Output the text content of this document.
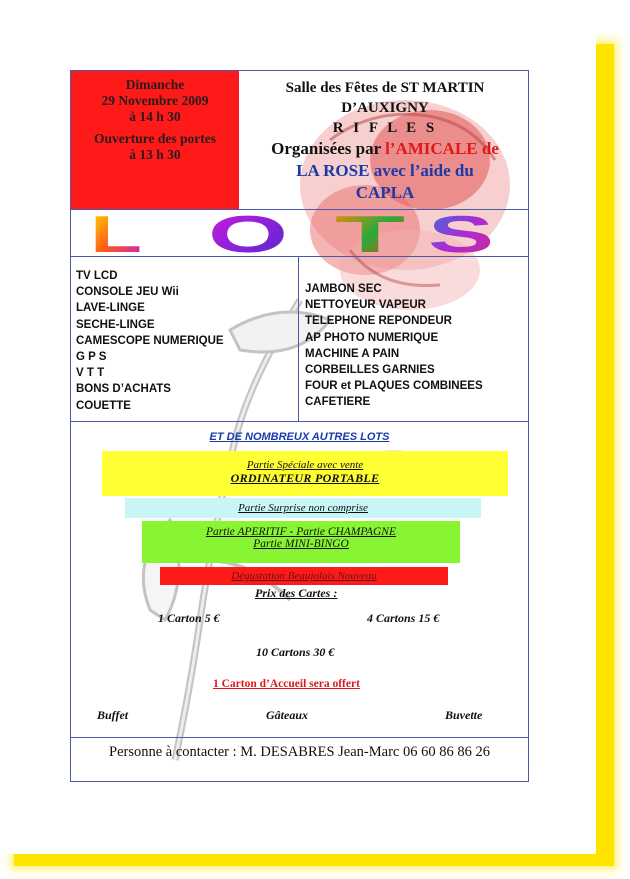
Dimanche
29 Novembre 2009
à 14 h 30
Ouverture des portes
à 13 h 30
Salle des Fêtes de ST MARTIN
D’AUXIGNY
R I F L E S
Organisées par l’AMICALE de
LA ROSE avec l’aide du
CAPLA
L O T S
TV LCD
CONSOLE JEU Wii
LAVE-LINGE
SECHE-LINGE
CAMESCOPE NUMERIQUE
G P S
V T T
BONS D’ACHATS
COUETTE
JAMBON SEC
NETTOYEUR VAPEUR
TELEPHONE REPONDEUR
AP PHOTO NUMERIQUE
MACHINE A PAIN
CORBEILLES GARNIES
FOUR et PLAQUES COMBINEES
CAFETIERE
ET DE NOMBREUX AUTRES LOTS
Partie Spéciale avec vente
ORDINATEUR PORTABLE
Partie Surprise non comprise
Partie APERITIF - Partie CHAMPAGNE
Partie MINI-BINGO
Dégustation Beaujolais Nouveau
Prix des Cartes :
1 Carton 5 €	4 Cartons 15 €
10 Cartons 30 €
1 Carton d’Accueil sera offert
Buffet	Gâteaux	Buvette
Personne à contacter : M. DESABRES Jean-Marc 06 60 86 86 26
